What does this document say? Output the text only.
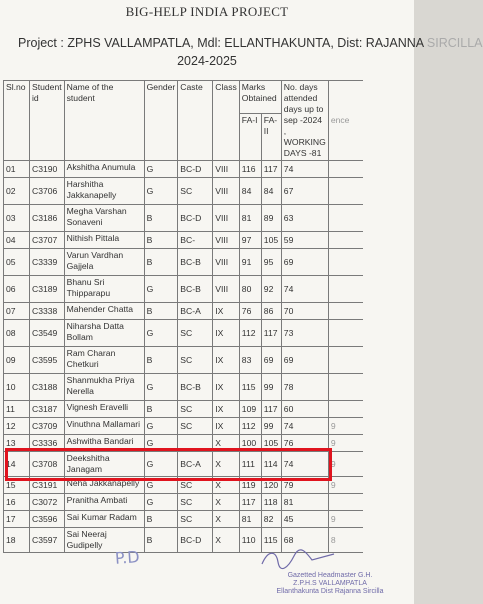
BIG-HELP INDIA PROJECT
Project : ZPHS VALLAMPATLA, Mdl: ELLANTHAKUNTA, Dist: RAJANNA SIRCILLA
2024-2025
Sl.no	Student id	Name of the student	Gender	Caste	Class	Marks Obtained		No. days attended days up to sep -2024 , WORKING DAYS -81	ence
						FA-I	FA-II		
01	C3190	Akshitha Anumula	G	BC-D	VIII	116	117	74	
02	C3706	Harshitha Jakkanapelly	G	SC	VIII	84	84	67	
03	C3186	Megha Varshan Sonaveni	B	BC-D	VIII	81	89	63	
04	C3707	Nithish Pittala	B	BC-	VIII	97	105	59	
05	C3339	Varun Vardhan Gajjela	B	BC-B	VIII	91	95	69	
06	C3189	Bhanu Sri Thipparapu	G	BC-B	VIII	80	92	74	
07	C3338	Mahender Chatta	B	BC-A	IX	76	86	70	
08	C3549	Niharsha Datta Bollam	G	SC	IX	112	117	73	
09	C3595	Ram Charan Chetkuri	B	SC	IX	83	69	69	
10	C3188	Shanmukha Priya Nerella	G	BC-B	IX	115	99	78	
11	C3187	Vignesh Eravelli	B	SC	IX	109	117	60	
12	C3709	Vinuthna Mallamari	G	SC	IX	112	99	74	9
13	C3336	Ashwitha Bandari	G		X	100	105	76	9
14	C3708	Deekshitha Janagam	G	BC-A	X	111	114	74	9
15	C3191	Neha Jakkanapelly	G	SC	X	119	120	79	9
16	C3072	Pranitha Ambati	G	SC	X	117	118	81	
17	C3596	Sai Kumar Radam	B	SC	X	81	82	45	9
18	C3597	Sai Neeraj Gudipelly	B	BC-D	X	110	115	68	8
P.D
Gazetted Headmaster G.H.
Z.P.H.S VALLAMPATLA
Ellanthakunta Dist Rajanna Sircilla
